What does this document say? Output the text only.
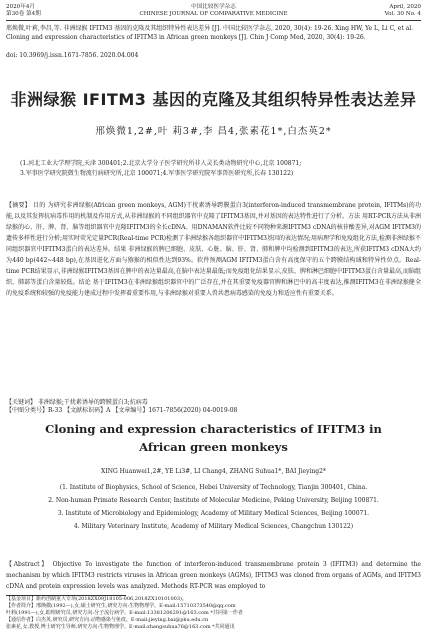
2020年4月
第30卷 第4期
中国比较医学杂志
CHINESE JOURNAL OF COMPARATIVE MEDICINE
April, 2020
Vol. 30 No. 4
邢焕微,叶莉,李昌,等. 非洲绿猴 IFITM3 基因的克隆及其组织特异性表达差异 [J]. 中国比较医学杂志, 2020, 30(4): 19-26. Xing HW, Ye L, Li C, et al. Cloning and expression characteristics of IFITM3 in African green monkeys [J]. Chin J Comp Med, 2020, 30(4): 19-26.
doi: 10.3969/j.issn.1671-7856. 2020.04.004
非洲绿猴 IFITM3 基因的克隆及其组织特异性表达差异
邢焕微1,2#,叶 莉3#,李 昌4,张素花1*,白杰英2*
(1.河北工业大学理学院,天津 300401;2.北京大学分子医学研究所非人灵长类动物研究中心,北京 100871;
3.军事医学研究院微生物流行病研究所,北京 100071;4.军事医学研究院军事兽医研究所,长春 130122)
【摘要】 目的 为研究非洲绿猴(African green monkeys, AGM)干扰素诱导跨膜蛋白3(interferon-induced transmembrane protein, IFITMs)的功能,以及其发挥抗病毒作用的机制及作用方式,从非洲绿猴的不同组织器官中克隆了IFITM3基因,并对基因的表达特性进行了分析。方法 用RT-PCR方法从非洲绿猴的心、肝、脾、肾、脑等组织器官中克隆IFITM3的全长cDNA。用DNAMAN软件比较不同物种来源IFITM3 cDNA的核苷酸差异,对AGM IFITM3的遗传多样性进行分析;用实时荧光定量PCR(Real-time PCR)检测了非洲绿猴各组织器官中IFITM3基因的表达情况;用病理学和免疫组化方法,检测非洲绿猴不同组织器官中IFITM3蛋白的表达差异。结果 非洲绿猴的脾已细胞、皮肤、心脏、脑、肝、肾、肺和脾中均检测到IFITM3的表达,所获IFITM3 cDNA大约为440 bp(442~448 bp),在基因进化方面与猕猴的相似性达到93%。软件预测AGM IFITM3蛋白含有高度保守的五个跨膜结构域和特异性位点。Real-time PCR结果显示,非洲绿猴IFITM3基因在脾中的表达量最高,在脑中表达量最低;而免疫组化结果显示,皮肤、脾和淋巴细胞中IFITM3蛋白含量最高,而脑组织、肺部等蛋白含量较低。结论 基于IFITM3在非洲绿猴组织器官中的广泛存在,并在其重要免疫器官脾和淋巴中的高丰度表达,推测IFITM3在非洲绿猴健全的免疫系统和较强的免疫能力建成过程中发挥着重要作用,与非洲绿猴对重要人兽共患病毒感染的免疫力和适应性有重要关系。
【关键词】 非洲绿猴;干扰素诱导的跨膜蛋白3;抗病毒
【中图分类号】R-33 【文献标识码】A 【文章编号】1671-7856(2020) 04-0019-08
Cloning and expression characteristics of IFITM3 in African green monkeys
XING Huanwei1,2#, YE Li3#, LI Chang4, ZHANG Suhua1*, BAI Jieying2*
(1. Institute of Biophysics, School of Science, Hebei University of Technology, Tianjin 300401, China.
2. Non-human Primate Research Center, Institute of Molecular Medicine, Peking University, Beijing 100871.
3. Institute of Microbiology and Epidemiology, Academy of Military Medical Sciences, Beijing 100071.
4. Military Veterinary Institute, Academy of Military Medical Sciences, Changchun 130122)
【Abstract】 Objective To investigate the function of interferon-induced transmembrane protein 3 (IFITM3) and determine the mechanism by which IFITM3 restricts viruses in African green monkeys (AGMs), IFITM3 was cloned from organs of AGMs, and IFITM3 cDNA and protein expression levels was analyzed. Methods RT-PCR was employed to
【基金项目】新药创制重大专项(2018ZX09J18105-006,2018ZX10101003)。
【作者简介】邢焕微(1992—),女,硕士研究生,研究方向:生物物理学。E-mail:15710373540@qq.com
叶莉(1991—),女,助理研究员,研究方向:分子流行病学。E-mail:13381206291@163.com *共同第一作者
【通信作者】白杰英,研究员,研究方向:动物感染与免疫。E-mail:jieying.bai@pku.edu.cn
张素花,女,教授,博士研究生导师,研究方向:生物物理学。E-mail:zhangsuhua76@163.com *共同通讯
